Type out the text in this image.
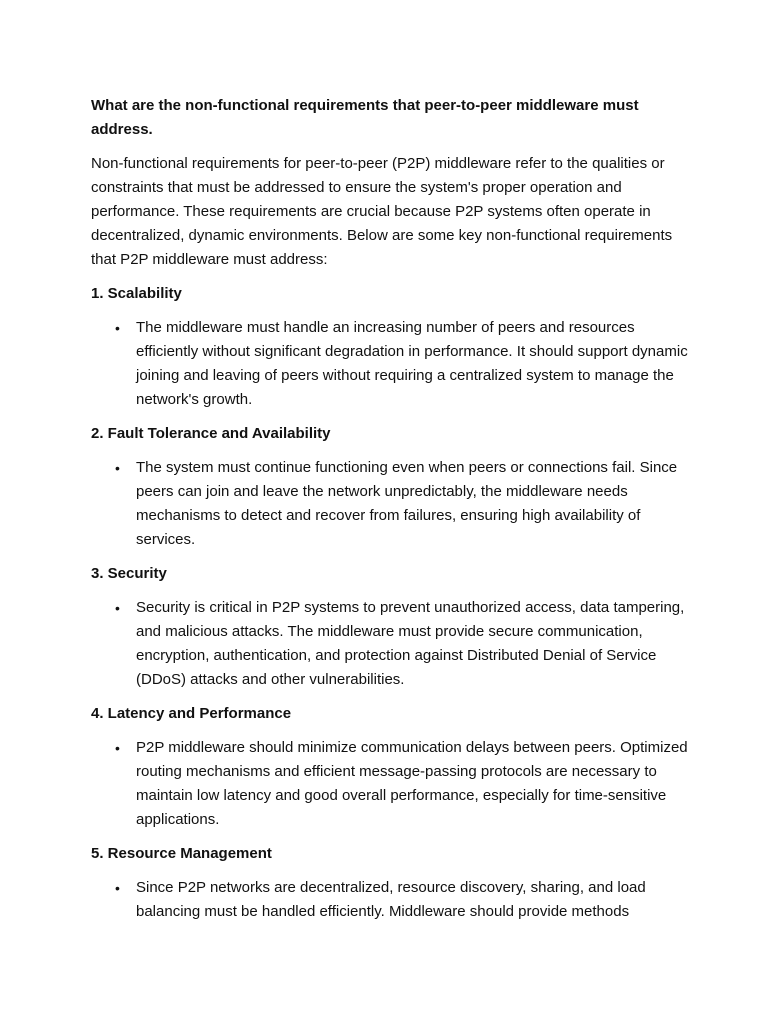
What are the non-functional requirements that peer-to-peer middleware must address.

Non-functional requirements for peer-to-peer (P2P) middleware refer to the qualities or constraints that must be addressed to ensure the system's proper operation and performance. These requirements are crucial because P2P systems often operate in decentralized, dynamic environments. Below are some key non-functional requirements that P2P middleware must address:

1. Scalability

• The middleware must handle an increasing number of peers and resources efficiently without significant degradation in performance. It should support dynamic joining and leaving of peers without requiring a centralized system to manage the network's growth.

2. Fault Tolerance and Availability

• The system must continue functioning even when peers or connections fail. Since peers can join and leave the network unpredictably, the middleware needs mechanisms to detect and recover from failures, ensuring high availability of services.

3. Security

• Security is critical in P2P systems to prevent unauthorized access, data tampering, and malicious attacks. The middleware must provide secure communication, encryption, authentication, and protection against Distributed Denial of Service (DDoS) attacks and other vulnerabilities.

4. Latency and Performance

• P2P middleware should minimize communication delays between peers. Optimized routing mechanisms and efficient message-passing protocols are necessary to maintain low latency and good overall performance, especially for time-sensitive applications.

5. Resource Management

• Since P2P networks are decentralized, resource discovery, sharing, and load balancing must be handled efficiently. Middleware should provide methods
